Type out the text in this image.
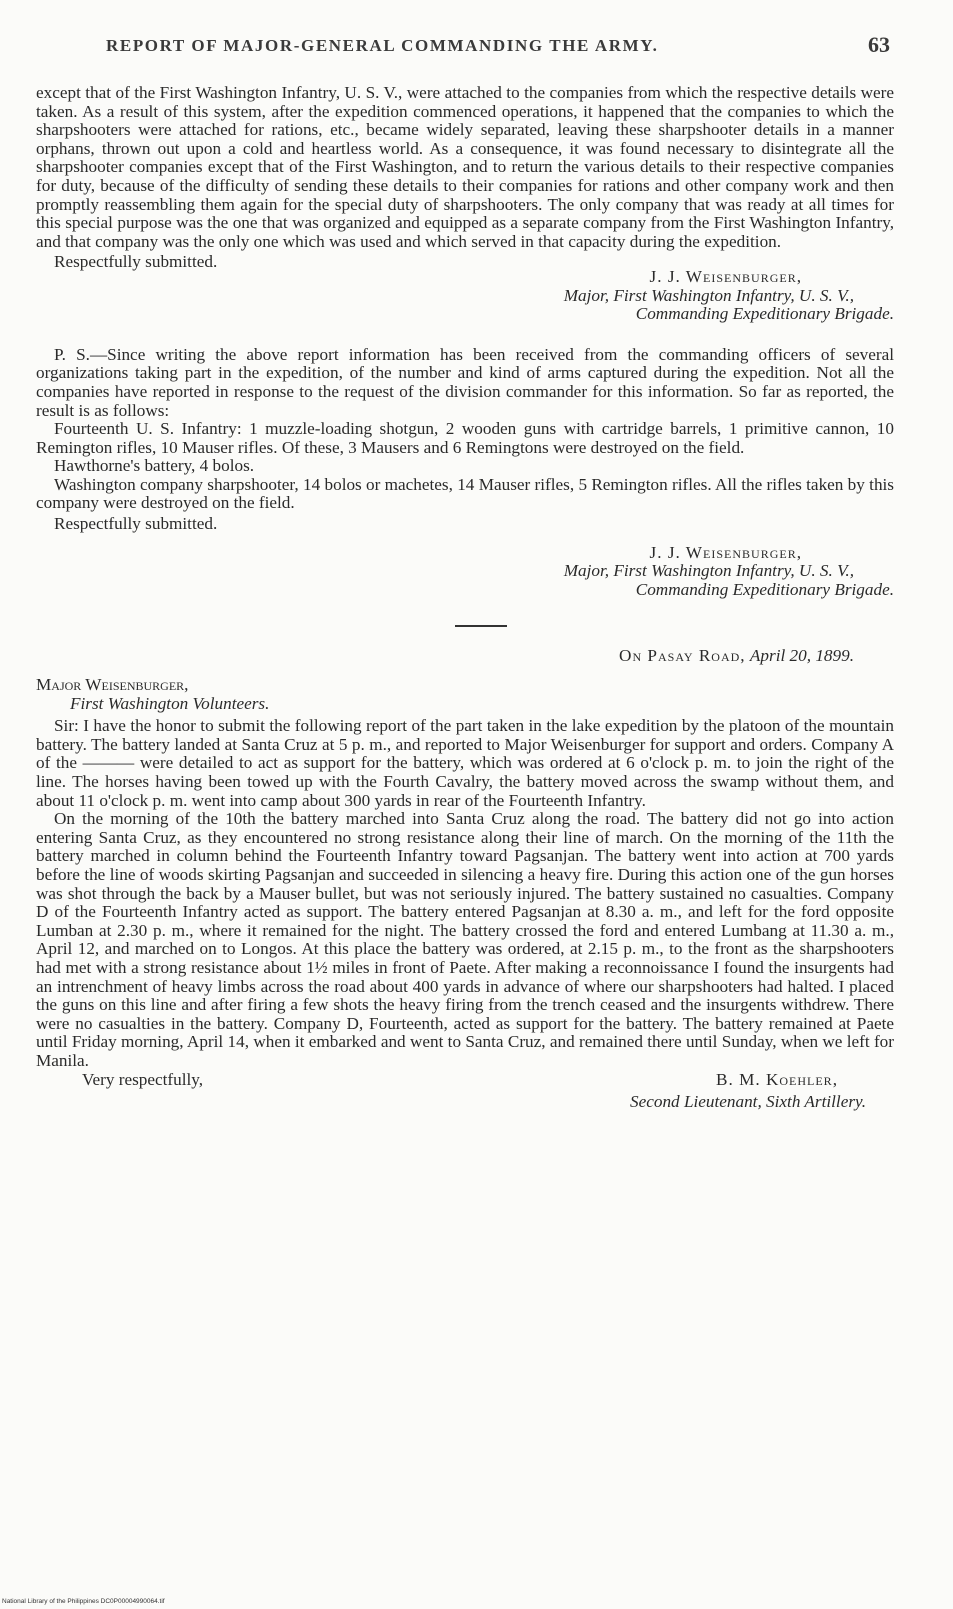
REPORT OF MAJOR-GENERAL COMMANDING THE ARMY.	63

except that of the First Washington Infantry, U. S. V., were attached to the companies from which the respective details were taken. As a result of this system, after the expedition commenced operations, it happened that the companies to which the sharpshooters were attached for rations, etc., became widely separated, leaving these sharpshooter details in a manner orphans, thrown out upon a cold and heartless world. As a consequence, it was found necessary to disintegrate all the sharpshooter companies except that of the First Washington, and to return the various details to their respective companies for duty, because of the difficulty of sending these details to their companies for rations and other company work and then promptly reassembling them again for the special duty of sharpshooters. The only company that was ready at all times for this special purpose was the one that was organized and equipped as a separate company from the First Washington Infantry, and that company was the only one which was used and which served in that capacity during the expedition.

Respectfully submitted.

J. J. Weisenburger,
Major, First Washington Infantry, U. S. V.,
Commanding Expeditionary Brigade.

P. S.—Since writing the above report information has been received from the commanding officers of several organizations taking part in the expedition, of the number and kind of arms captured during the expedition. Not all the companies have reported in response to the request of the division commander for this information. So far as reported, the result is as follows:

Fourteenth U. S. Infantry: 1 muzzle-loading shotgun, 2 wooden guns with cartridge barrels, 1 primitive cannon, 10 Remington rifles, 10 Mauser rifles. Of these, 3 Mausers and 6 Remingtons were destroyed on the field.

Hawthorne's battery, 4 bolos.

Washington company sharpshooter, 14 bolos or machetes, 14 Mauser rifles, 5 Remington rifles. All the rifles taken by this company were destroyed on the field.

Respectfully submitted.

J. J. Weisenburger,
Major, First Washington Infantry, U. S. V.,
Commanding Expeditionary Brigade.
On Pasay Road, April 20, 1899.
Major Weisenburger,
First Washington Volunteers.

Sir: I have the honor to submit the following report of the part taken in the lake expedition by the platoon of the mountain battery. The battery landed at Santa Cruz at 5 p. m., and reported to Major Weisenburger for support and orders. Company A of the ——— were detailed to act as support for the battery, which was ordered at 6 o'clock p. m. to join the right of the line. The horses having been towed up with the Fourth Cavalry, the battery moved across the swamp without them, and about 11 o'clock p. m. went into camp about 300 yards in rear of the Fourteenth Infantry.

On the morning of the 10th the battery marched into Santa Cruz along the road. The battery did not go into action entering Santa Cruz, as they encountered no strong resistance along their line of march. On the morning of the 11th the battery marched in column behind the Fourteenth Infantry toward Pagsanjan. The battery went into action at 700 yards before the line of woods skirting Pagsanjan and succeeded in silencing a heavy fire. During this action one of the gun horses was shot through the back by a Mauser bullet, but was not seriously injured. The battery sustained no casualties. Company D of the Fourteenth Infantry acted as support. The battery entered Pagsanjan at 8.30 a. m., and left for the ford opposite Lumban at 2.30 p. m., where it remained for the night. The battery crossed the ford and entered Lumbang at 11.30 a. m., April 12, and marched on to Longos. At this place the battery was ordered, at 2.15 p. m., to the front as the sharpshooters had met with a strong resistance about 1½ miles in front of Paete. After making a reconnoissance I found the insurgents had an intrenchment of heavy limbs across the road about 400 yards in advance of where our sharpshooters had halted. I placed the guns on this line and after firing a few shots the heavy firing from the trench ceased and the insurgents withdrew. There were no casualties in the battery. Company D, Fourteenth, acted as support for the battery. The battery remained at Paete until Friday morning, April 14, when it embarked and went to Santa Cruz, and remained there until Sunday, when we left for Manila.

Very respectfully,	B. M. Koehler,
Second Lieutenant, Sixth Artillery.
National Library of the Philippines DC0P00004990064.tif
